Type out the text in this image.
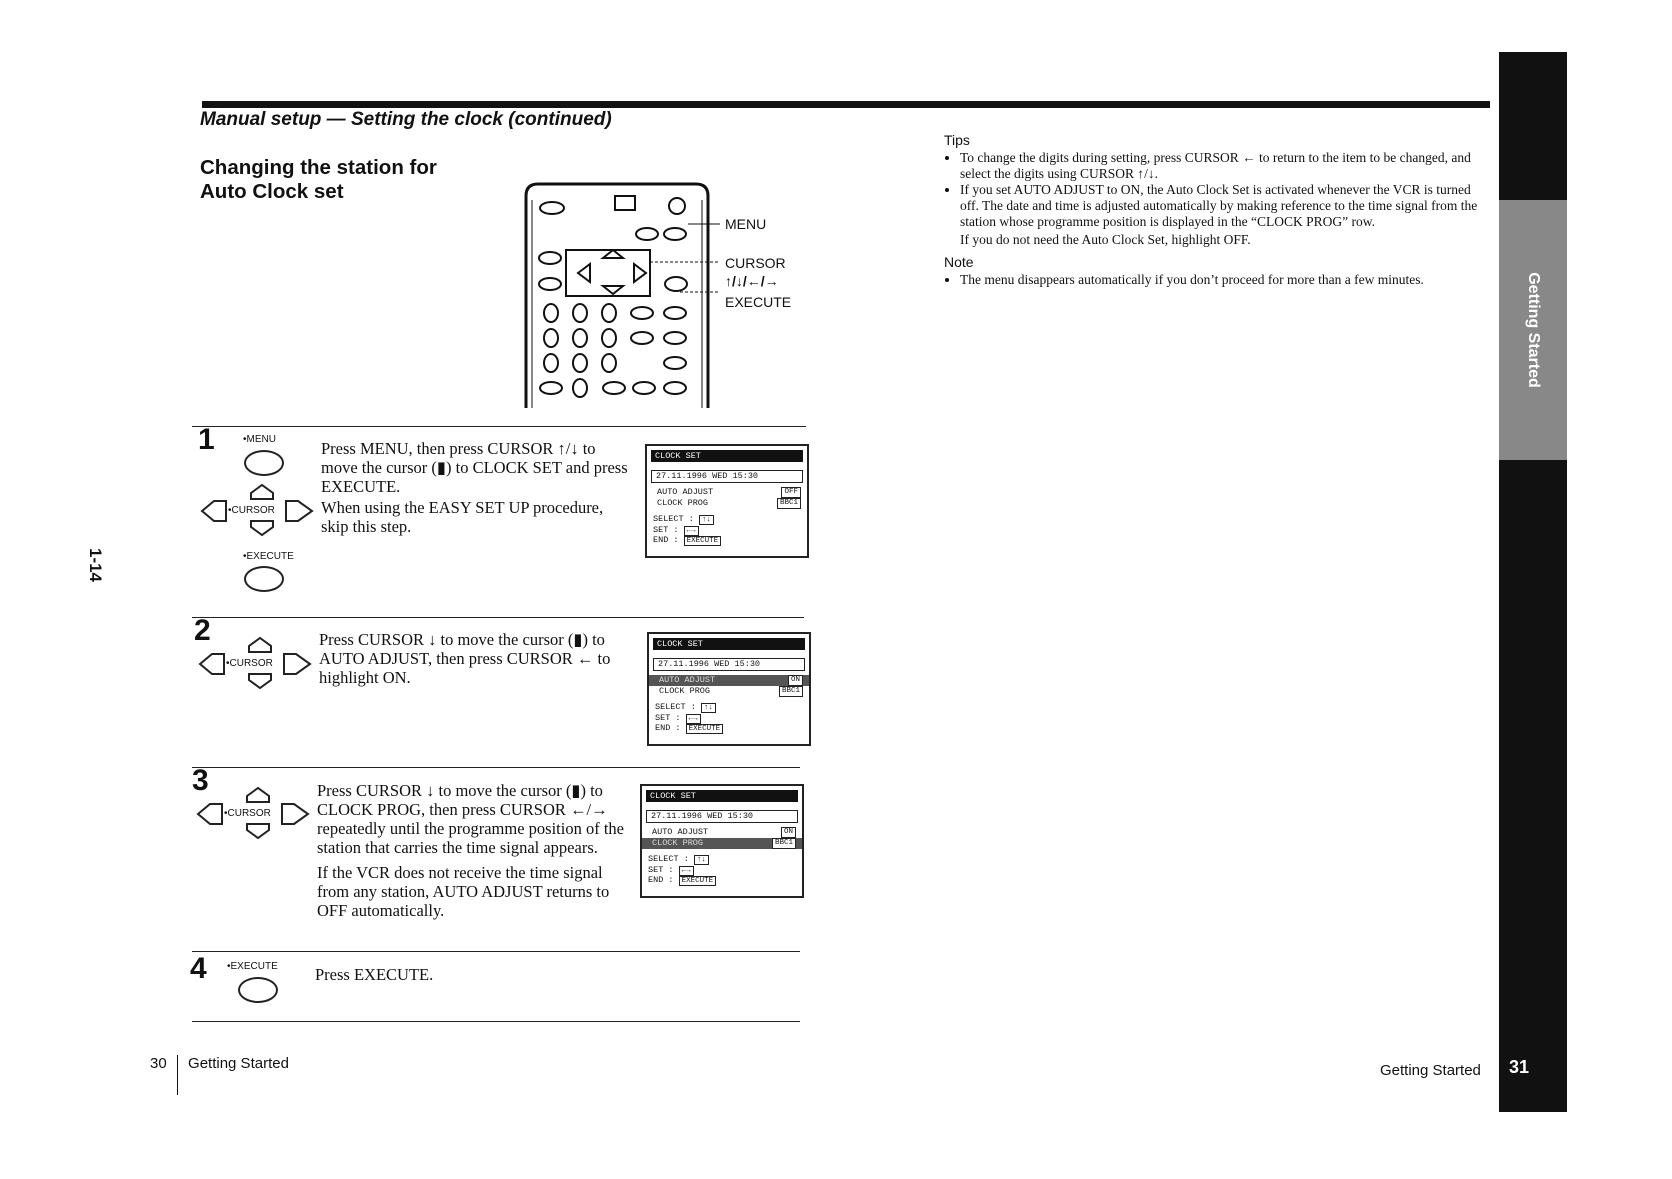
Manual setup — Setting the clock (continued)
Changing the station for
Auto Clock set
MENU
CURSOR
↑/↓/←/→
EXECUTE
1	•MENU
•CURSOR
•EXECUTE
Press MENU, then press CURSOR ↑/↓ to move the cursor (▮) to CLOCK SET and press EXECUTE.
When using the EASY SET UP procedure, skip this step.
CLOCK SET
27.11.1996 WED 15:30
AUTO ADJUST	OFF
CLOCK PROG	BBC1
SELECT : ↑↓
SET : ←→
END : EXECUTE
2
•CURSOR
Press CURSOR ↓ to move the cursor (▮) to AUTO ADJUST, then press CURSOR ← to highlight ON.
CLOCK SET
27.11.1996 WED 15:30
AUTO ADJUST	ON
CLOCK PROG	BBC1
SELECT : ↑↓
SET : ←→
END : EXECUTE
3
•CURSOR
Press CURSOR ↓ to move the cursor (▮) to CLOCK PROG, then press CURSOR ←/→ repeatedly until the programme position of the station that carries the time signal appears.
If the VCR does not receive the time signal from any station, AUTO ADJUST returns to OFF automatically.
CLOCK SET
27.11.1996 WED 15:30
AUTO ADJUST	ON
CLOCK PROG	BBC1
SELECT : ↑↓
SET : ←→
END : EXECUTE
4 •EXECUTE Press EXECUTE.
Tips
• To change the digits during setting, press CURSOR ← to return to the item to be changed, and select the digits using CURSOR ↑/↓.
• If you set AUTO ADJUST to ON, the Auto Clock Set is activated whenever the VCR is turned off. The date and time is adjusted automatically by making reference to the time signal from the station whose programme position is displayed in the “CLOCK PROG” row.

If you do not need the Auto Clock Set, highlight OFF.

Note
• The menu disappears automatically if you don’t proceed for more than a few minutes.	Getting Started
1-14
30 Getting Started	Getting Started	31
